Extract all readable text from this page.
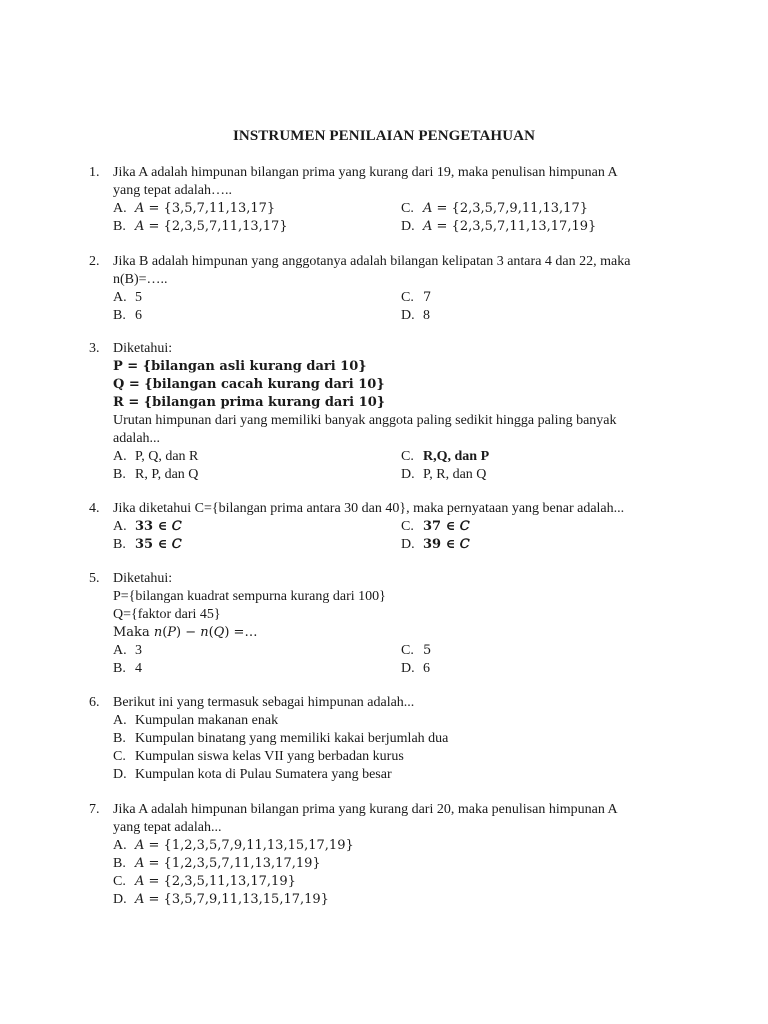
INSTRUMEN PENILAIAN PENGETAHUAN
1. Jika A adalah himpunan bilangan prima yang kurang dari 19, maka penulisan himpunan A
yang tepat adalah…..
A. 𝐴 = {3,5,7,11,13,17}	C. 𝐴 = {2,3,5,7,9,11,13,17}
B. 𝐴 = {2,3,5,7,11,13,17}	D. 𝐴 = {2,3,5,7,11,13,17,19}
2. Jika B adalah himpunan yang anggotanya adalah bilangan kelipatan 3 antara 4 dan 22, maka
n(B)=…..
A. 5	C. 7
B. 6	D. 8
3. Diketahui:
P = {bilangan asli kurang dari 10}
Q = {bilangan cacah kurang dari 10}
R = {bilangan prima kurang dari 10}
Urutan himpunan dari yang memiliki banyak anggota paling sedikit hingga paling banyak
adalah...
A. P, Q, dan R	C. R,Q, dan P
B. R, P, dan Q	D. P, R, dan Q
4. Jika diketahui C={bilangan prima antara 30 dan 40}, maka pernyataan yang benar adalah...
A. 33 ∈ 𝐶	C. 37 ∈ 𝐶
B. 35 ∈ 𝐶	D. 39 ∈ 𝐶
5. Diketahui:
P={bilangan kuadrat sempurna kurang dari 100}
Q={faktor dari 45}
Maka 𝑛(𝑃) − 𝑛(𝑄) =…
A. 3	C. 5
B. 4	D. 6
6. Berikut ini yang termasuk sebagai himpunan adalah...
A. Kumpulan makanan enak
B. Kumpulan binatang yang memiliki kakai berjumlah dua
C. Kumpulan siswa kelas VII yang berbadan kurus
D. Kumpulan kota di Pulau Sumatera yang besar
7. Jika A adalah himpunan bilangan prima yang kurang dari 20, maka penulisan himpunan A
yang tepat adalah...
A. 𝐴 = {1,2,3,5,7,9,11,13,15,17,19}
B. 𝐴 = {1,2,3,5,7,11,13,17,19}
C. 𝐴 = {2,3,5,11,13,17,19}
D. 𝐴 = {3,5,7,9,11,13,15,17,19}
